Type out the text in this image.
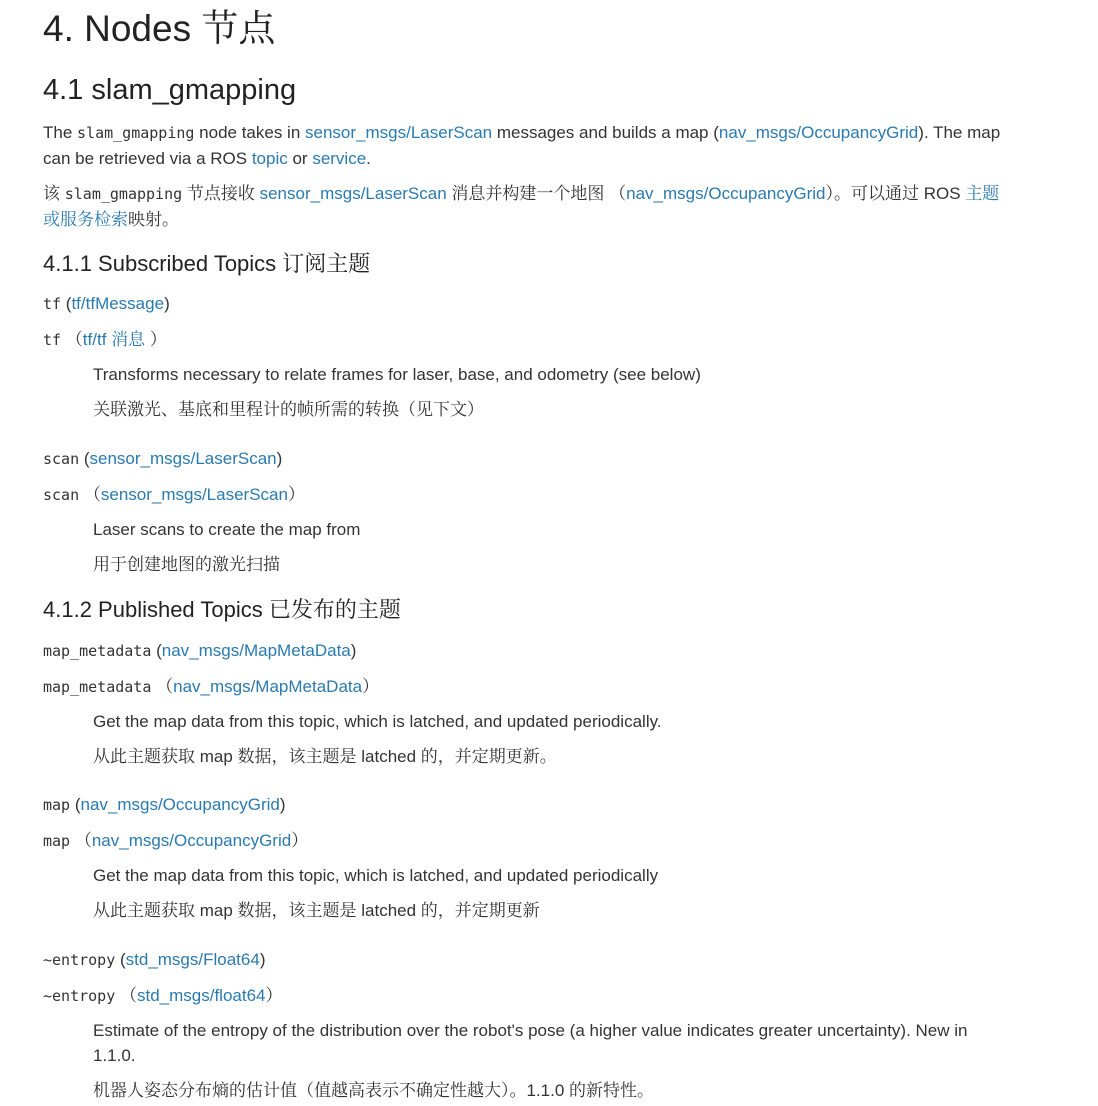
4. Nodes 节点
4.1 slam_gmapping

The slam_gmapping node takes in sensor_msgs/LaserScan messages and builds a map (nav_msgs/OccupancyGrid). The map can be retrieved via a ROS topic or service.

该 slam_gmapping 节点接收 sensor_msgs/LaserScan 消息并构建一个地图 （nav_msgs/OccupancyGrid）。可以通过 ROS 主题或服务检索映射。

4.1.1 Subscribed Topics 订阅主题
tf (tf/tfMessage)
tf （tf/tf 消息 ）
Transforms necessary to relate frames for laser, base, and odometry (see below)
关联激光、基底和里程计的帧所需的转换（见下文）
scan (sensor_msgs/LaserScan)
scan （sensor_msgs/LaserScan）
Laser scans to create the map from
用于创建地图的激光扫描
4.1.2 Published Topics 已发布的主题
map_metadata (nav_msgs/MapMetaData)
map_metadata （nav_msgs/MapMetaData）
Get the map data from this topic, which is latched, and updated periodically.
从此主题获取 map 数据，该主题是 latched 的，并定期更新。
map (nav_msgs/OccupancyGrid)
map （nav_msgs/OccupancyGrid）
Get the map data from this topic, which is latched, and updated periodically
从此主题获取 map 数据，该主题是 latched 的，并定期更新
~entropy (std_msgs/Float64)
~entropy （std_msgs/float64）
Estimate of the entropy of the distribution over the robot's pose (a higher value indicates greater uncertainty). New in 1.1.0.
机器人姿态分布熵的估计值（值越高表示不确定性越大）。1.1.0 的新特性。
